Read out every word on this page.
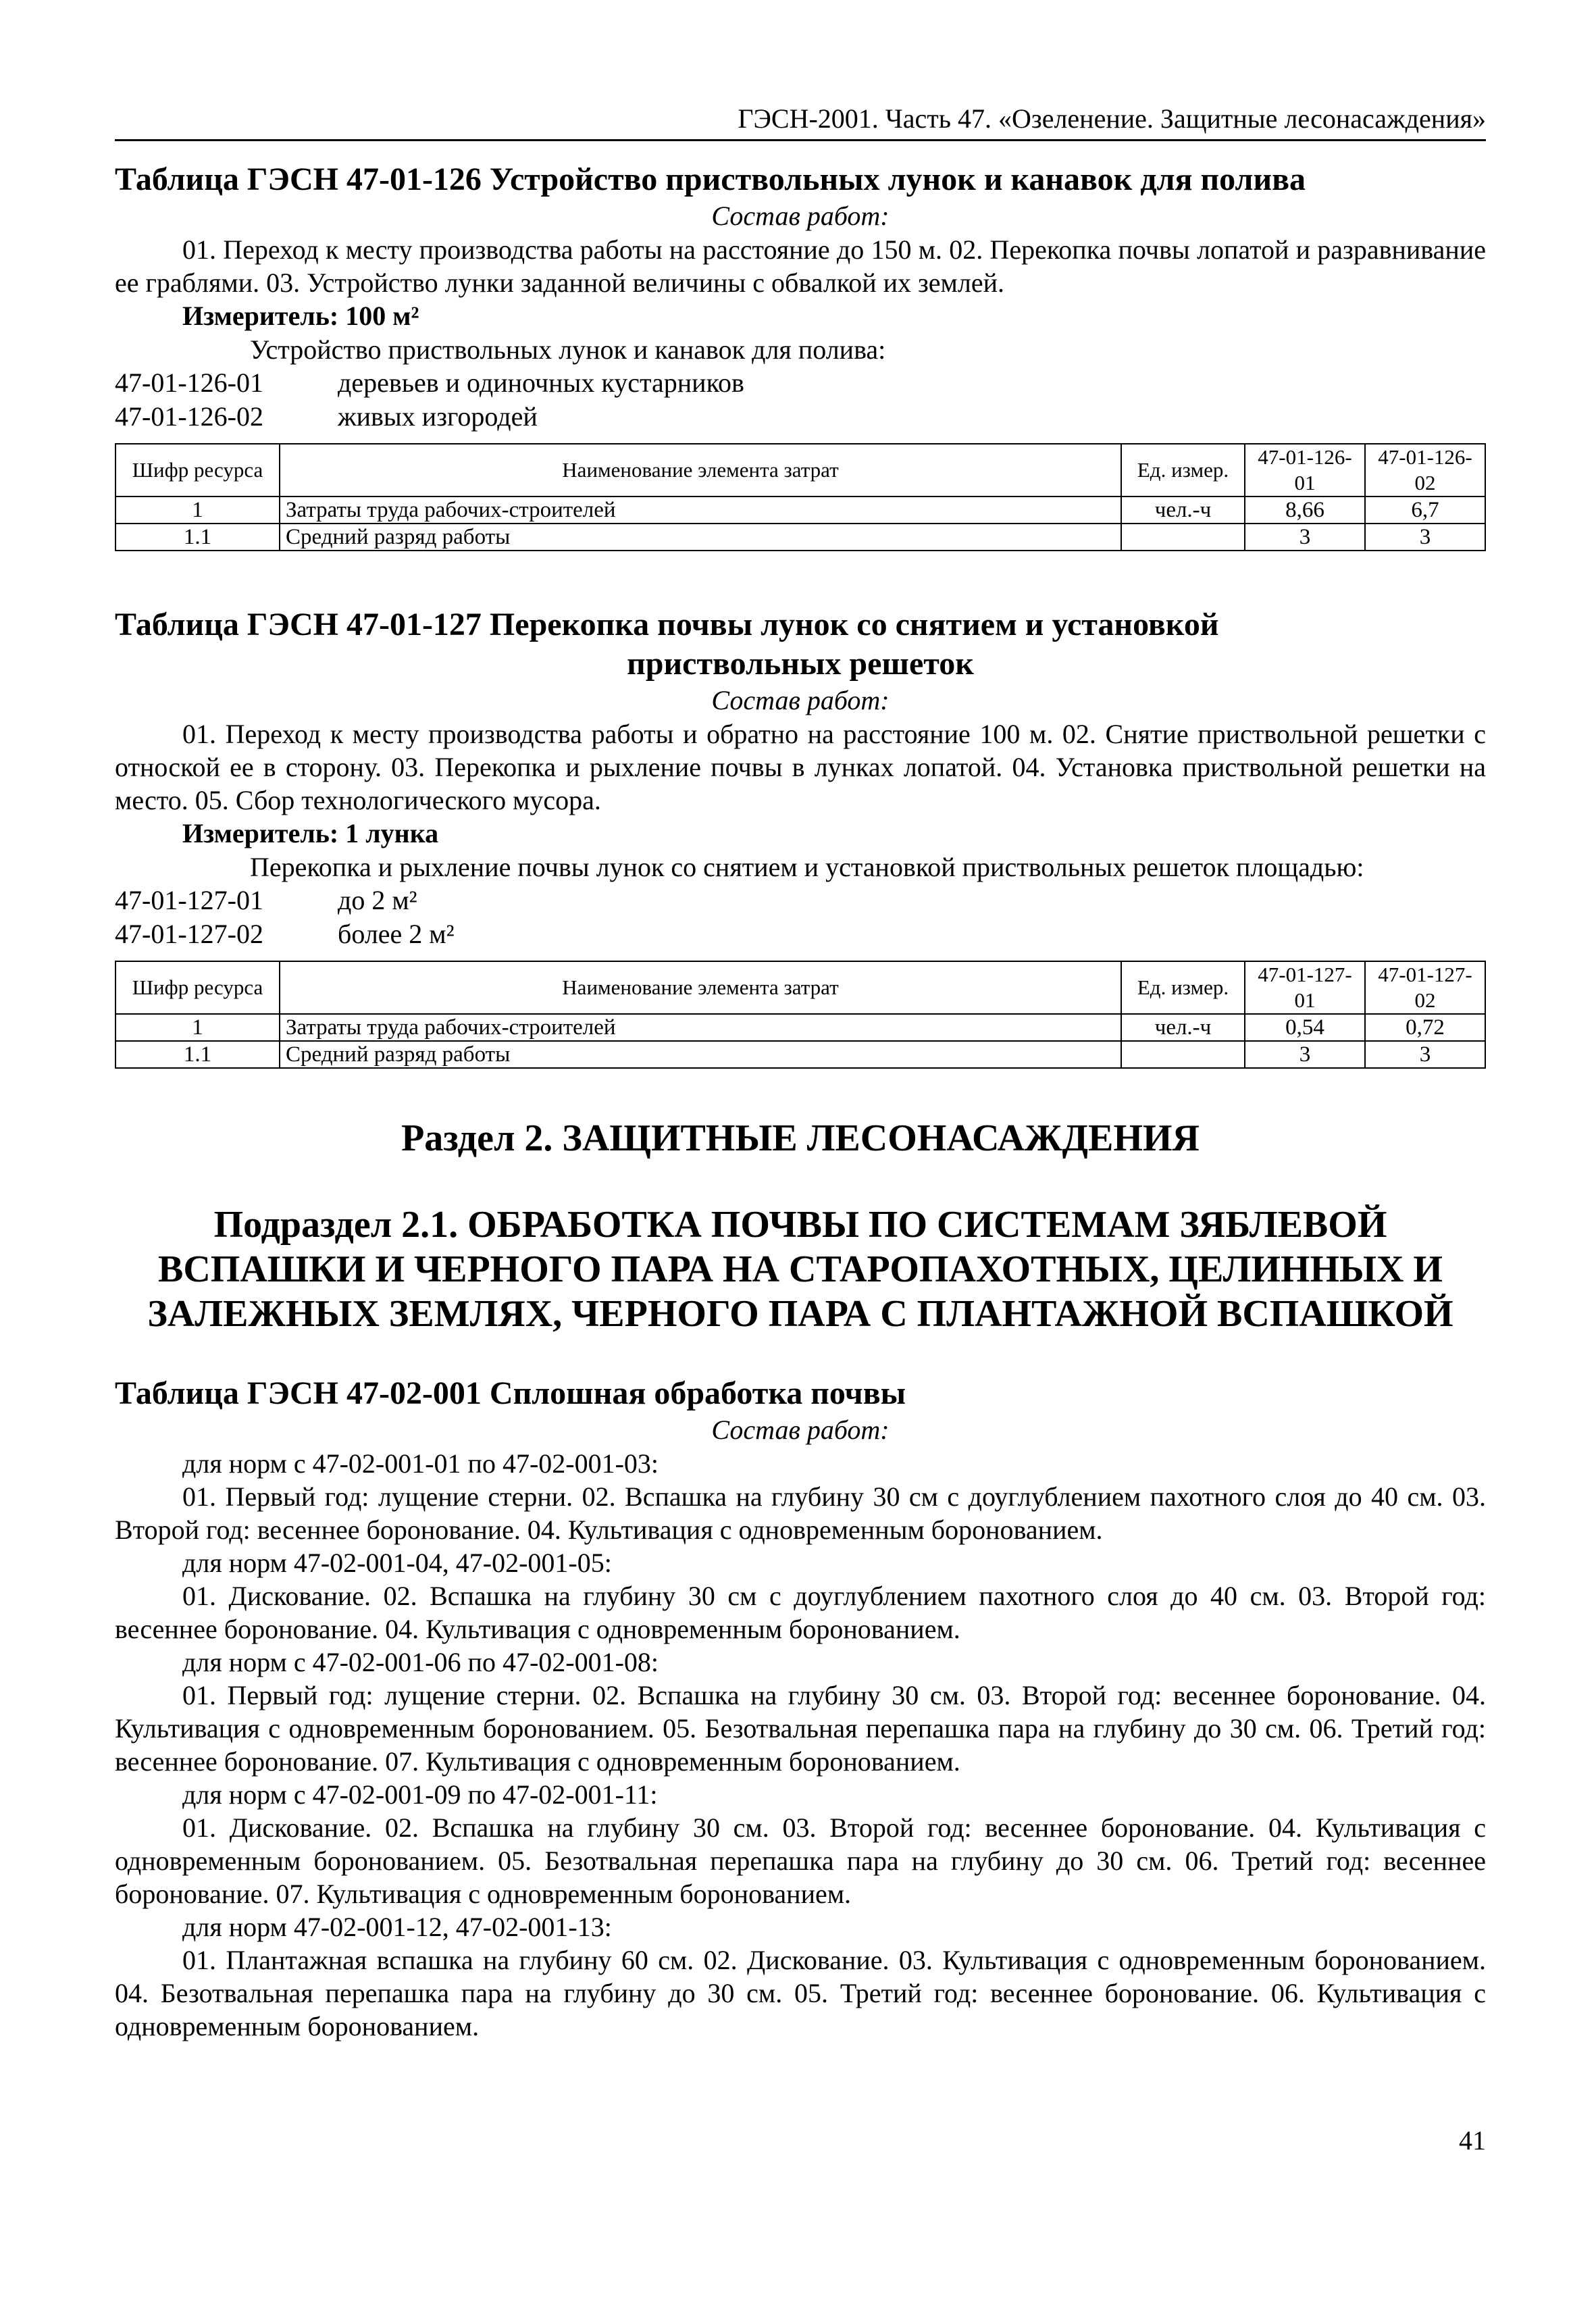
ГЭСН-2001. Часть 47. «Озеленение. Защитные лесонасаждения»
Таблица ГЭСН 47-01-126 Устройство приствольных лунок и канавок для полива
Состав работ:

01. Переход к месту производства работы на расстояние до 150 м. 02. Перекопка почвы лопатой и разравнивание ее граблями. 03. Устройство лунки заданной величины с обвалкой их землей.

Измеритель: 100 м²
Устройство приствольных лунок и канавок для полива:
47-01-126-01	деревьев и одиночных кустарников
47-01-126-02	живых изгородей
Шифр ресурса	Наименование элемента затрат	Ед. измер.	47-01-126-01	47-01-126-02
1	Затраты труда рабочих-строителей	чел.-ч	8,66	6,7
1.1	Средний разряд работы		3	3
Таблица ГЭСН 47-01-127 Перекопка почвы лунок со снятием и установкой
приствольных решеток
Состав работ:

01. Переход к месту производства работы и обратно на расстояние 100 м. 02. Снятие приствольной решетки с отноской ее в сторону. 03. Перекопка и рыхление почвы в лунках лопатой. 04. Установка приствольной решетки на место. 05. Сбор технологического мусора.

Измеритель: 1 лунка
Перекопка и рыхление почвы лунок со снятием и установкой приствольных решеток площадью:
47-01-127-01	до 2 м²
47-01-127-02	более 2 м²
Шифр ресурса	Наименование элемента затрат	Ед. измер.	47-01-127-01	47-01-127-02
1	Затраты труда рабочих-строителей	чел.-ч	0,54	0,72
1.1	Средний разряд работы		3	3
Раздел 2. ЗАЩИТНЫЕ ЛЕСОНАСАЖДЕНИЯ
Подраздел 2.1. ОБРАБОТКА ПОЧВЫ ПО СИСТЕМАМ ЗЯБЛЕВОЙ ВСПАШКИ И ЧЕРНОГО ПАРА НА СТАРОПАХОТНЫХ, ЦЕЛИННЫХ И ЗАЛЕЖНЫХ ЗЕМЛЯХ, ЧЕРНОГО ПАРА С ПЛАНТАЖНОЙ ВСПАШКОЙ
Таблица ГЭСН 47-02-001 Сплошная обработка почвы
Состав работ:

для норм с 47-02-001-01 по 47-02-001-03:

01. Первый год: лущение стерни. 02. Вспашка на глубину 30 см с доуглублением пахотного слоя до 40 см. 03. Второй год: весеннее боронование. 04. Культивация с одновременным боронованием.

для норм 47-02-001-04, 47-02-001-05:

01. Дискование. 02. Вспашка на глубину 30 см с доуглублением пахотного слоя до 40 см. 03. Второй год: весеннее боронование. 04. Культивация с одновременным боронованием.

для норм с 47-02-001-06 по 47-02-001-08:

01. Первый год: лущение стерни. 02. Вспашка на глубину 30 см. 03. Второй год: весеннее боронование. 04. Культивация с одновременным боронованием. 05. Безотвальная перепашка пара на глубину до 30 см. 06. Третий год: весеннее боронование. 07. Культивация с одновременным боронованием.

для норм с 47-02-001-09 по 47-02-001-11:

01. Дискование. 02. Вспашка на глубину 30 см. 03. Второй год: весеннее боронование. 04. Культивация с одновременным боронованием. 05. Безотвальная перепашка пара на глубину до 30 см. 06. Третий год: весеннее боронование. 07. Культивация с одновременным боронованием.

для норм 47-02-001-12, 47-02-001-13:

01. Плантажная вспашка на глубину 60 см. 02. Дискование. 03. Культивация с одновременным боронованием. 04. Безотвальная перепашка пара на глубину до 30 см. 05. Третий год: весеннее боронование. 06. Культивация с одновременным боронованием.

41
